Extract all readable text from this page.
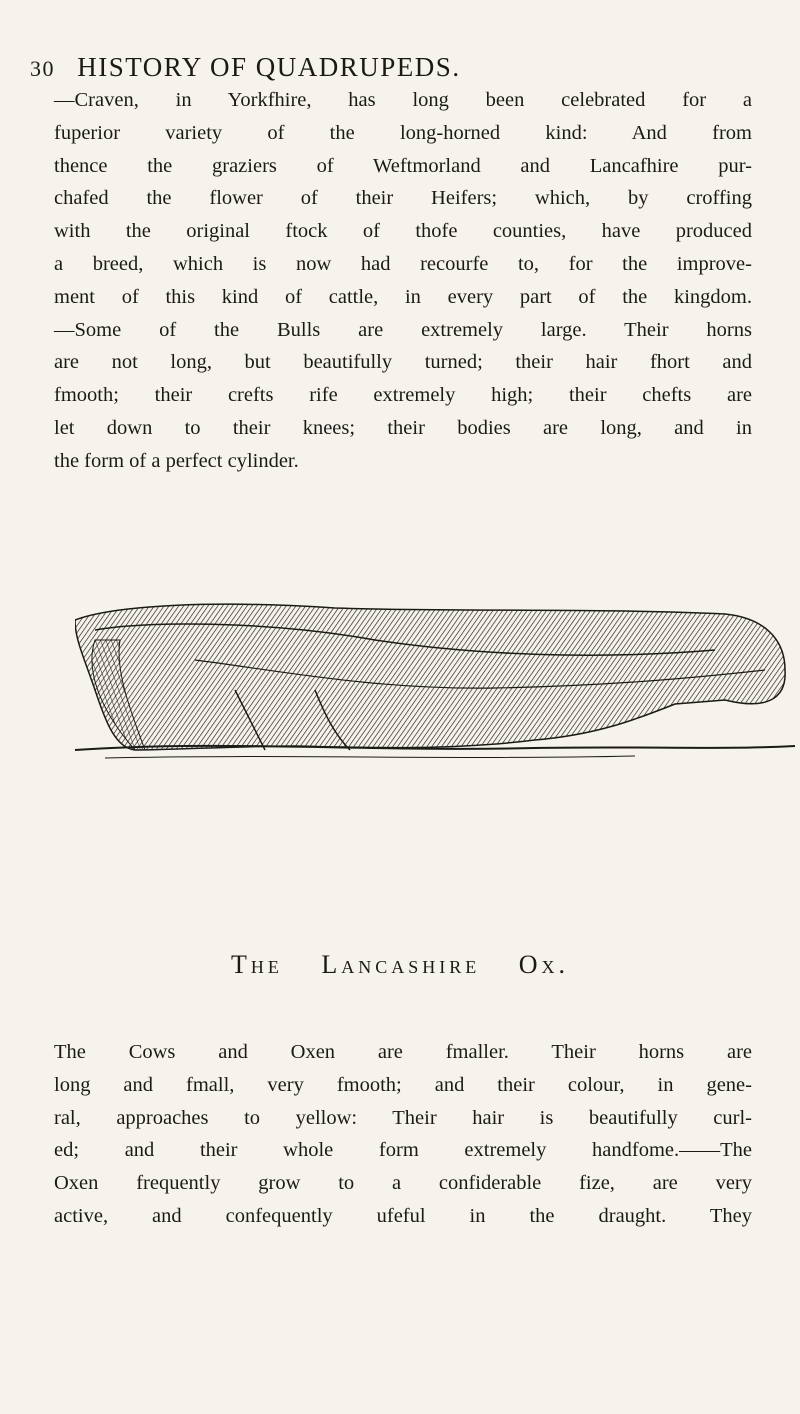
30 HISTORY OF QUADRUPEDS.
—Craven, in Yorkfhire, has long been celebrated for a
fuperior variety of the long-horned kind: And from
thence the graziers of Weftmorland and Lancafhire pur-
chafed the flower of their Heifers; which, by croffing
with the original ftock of thofe counties, have produced
a breed, which is now had recourfe to, for the improve-
ment of this kind of cattle, in every part of the kingdom.
—Some of the Bulls are extremely large. Their horns
are not long, but beautifully turned; their hair fhort and
fmooth; their crefts rife extremely high; their chefts are
let down to their knees; their bodies are long, and in
the form of a perfect cylinder.
The Lancashire Ox.
The Cows and Oxen are fmaller. Their horns are
long and fmall, very fmooth; and their colour, in gene-
ral, approaches to yellow: Their hair is beautifully curl-
ed; and their whole form extremely handfome.——The
Oxen frequently grow to a confiderable fize, are very
active, and confequently ufeful in the draught. They
